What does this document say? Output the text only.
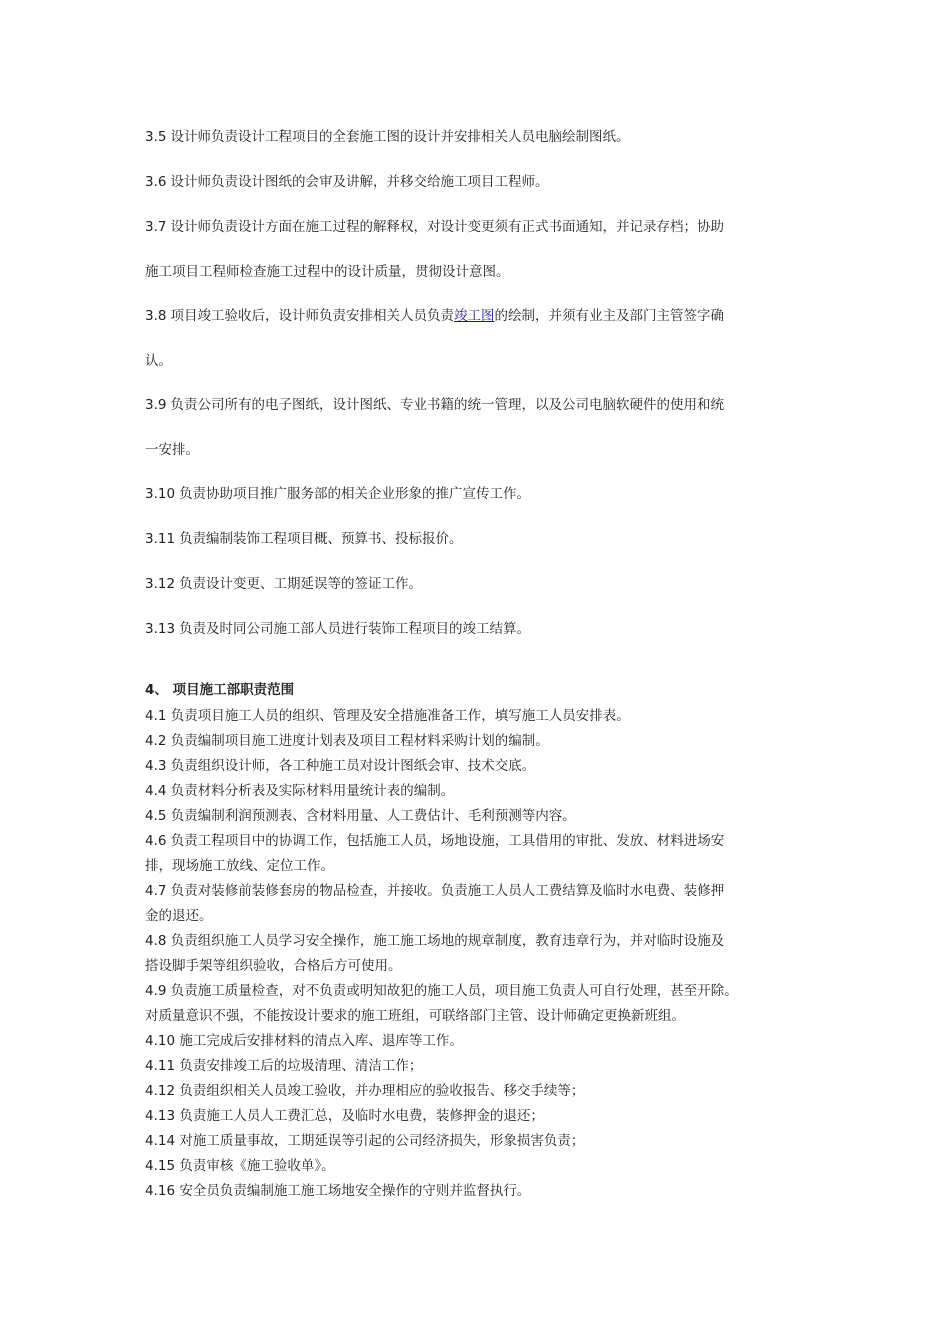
3.5 设计师负责设计工程项目的全套施工图的设计并安排相关人员电脑绘制图纸。
3.6 设计师负责设计图纸的会审及讲解，并移交给施工项目工程师。
3.7 设计师负责设计方面在施工过程的解释权，对设计变更须有正式书面通知，并记录存档；协助
施工项目工程师检查施工过程中的设计质量，贯彻设计意图。
3.8 项目竣工验收后，设计师负责安排相关人员负责竣工图的绘制，并须有业主及部门主管签字确
认。
3.9 负责公司所有的电子图纸，设计图纸、专业书籍的统一管理，以及公司电脑软硬件的使用和统
一安排。
3.10 负责协助项目推广服务部的相关企业形象的推广宣传工作。
3.11 负责编制装饰工程项目概、预算书、投标报价。
3.12 负责设计变更、工期延误等的签证工作。
3.13 负责及时同公司施工部人员进行装饰工程项目的竣工结算。
4、 项目施工部职责范围
4.1 负责项目施工人员的组织、管理及安全措施准备工作，填写施工人员安排表。
4.2 负责编制项目施工进度计划表及项目工程材料采购计划的编制。
4.3 负责组织设计师，各工种施工员对设计图纸会审、技术交底。
4.4 负责材料分析表及实际材料用量统计表的编制。
4.5 负责编制利润预测表、含材料用量、人工费估计、毛利预测等内容。
4.6 负责工程项目中的协调工作，包括施工人员，场地设施，工具借用的审批、发放、材料进场安
排，现场施工放线、定位工作。
4.7 负责对装修前装修套房的物品检查，并接收。负责施工人员人工费结算及临时水电费、装修押
金的退还。
4.8 负责组织施工人员学习安全操作，施工施工场地的规章制度，教育违章行为，并对临时设施及
搭设脚手架等组织验收，合格后方可使用。
4.9 负责施工质量检查，对不负责或明知故犯的施工人员，项目施工负责人可自行处理，甚至开除。
对质量意识不强，不能按设计要求的施工班组，可联络部门主管、设计师确定更换新班组。
4.10 施工完成后安排材料的清点入库、退库等工作。
4.11 负责安排竣工后的垃圾清理、清洁工作；
4.12 负责组织相关人员竣工验收，并办理相应的验收报告、移交手续等；
4.13 负责施工人员人工费汇总，及临时水电费，装修押金的退还；
4.14 对施工质量事故，工期延误等引起的公司经济损失，形象损害负责；
4.15 负责审核《施工验收单》。
4.16 安全员负责编制施工施工场地安全操作的守则并监督执行。
